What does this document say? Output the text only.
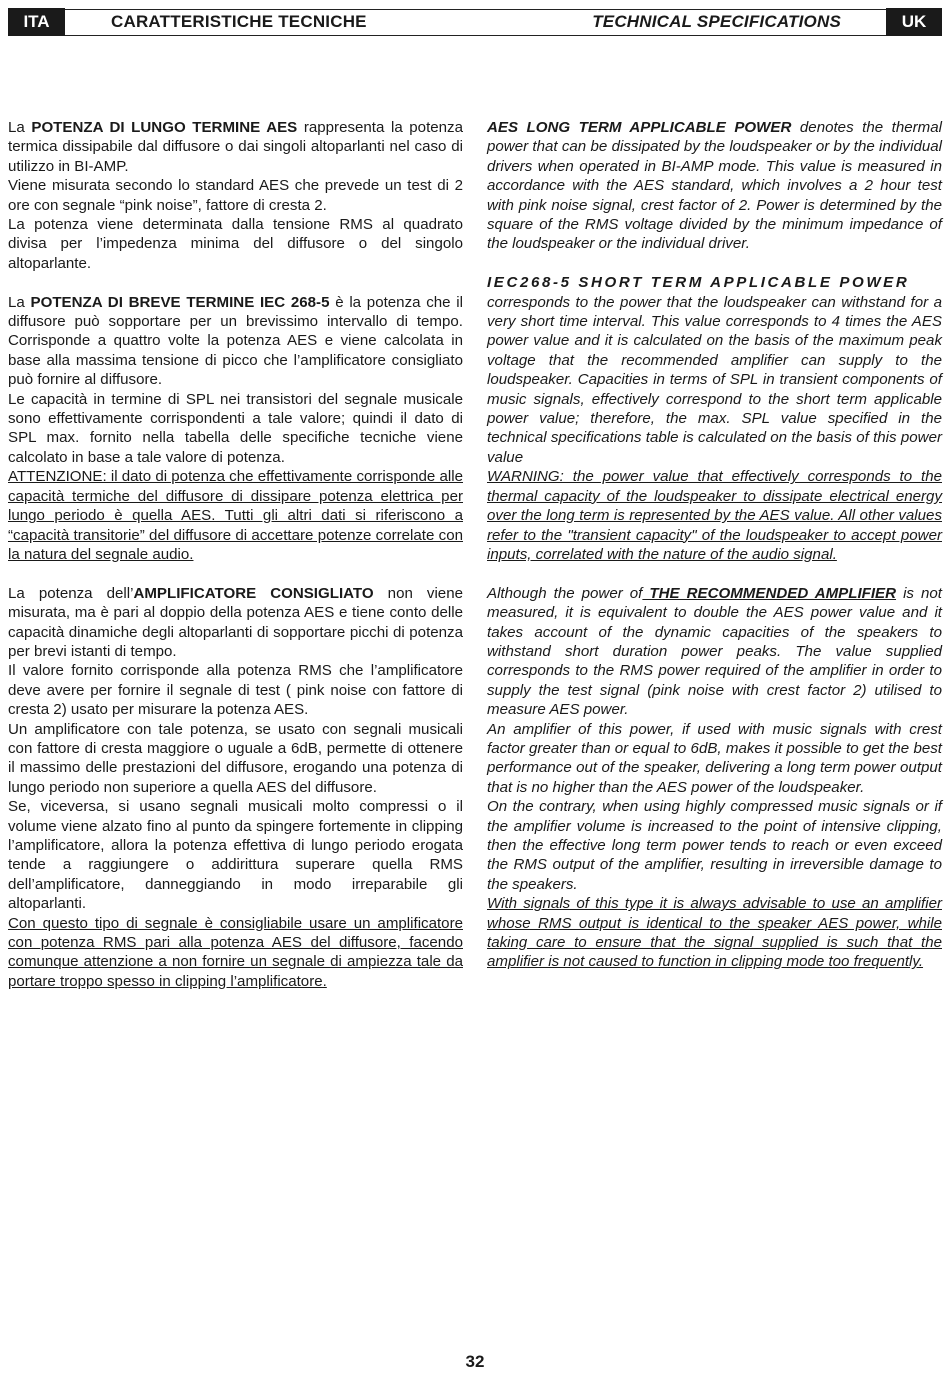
ITA	CARATTERISTICHE TECNICHE	TECHNICAL SPECIFICATIONS	UK

La POTENZA DI LUNGO TERMINE AES rappresenta la potenza termica dissipabile dal diffusore o dai singoli altoparlanti nel caso di utilizzo in BI-AMP.

Viene misurata secondo lo standard AES che prevede un test di 2 ore con segnale “pink noise”, fattore di cresta 2.

La potenza viene determinata dalla tensione RMS al quadrato divisa per l’impedenza minima del diffusore o del singolo altoparlante.

La POTENZA DI BREVE TERMINE IEC 268-5 è la potenza che il diffusore può sopportare per un brevissimo intervallo di tempo. Corrisponde a quattro volte la potenza AES e viene calcolata in base alla massima tensione di picco che l’amplificatore consigliato può fornire al diffusore.

Le capacità in termine di SPL nei transistori del segnale musicale sono effettivamente corrispondenti a tale valore; quindi il dato di SPL max. fornito nella tabella delle specifiche tecniche viene calcolato in base a tale valore di potenza.

ATTENZIONE: il dato di potenza che effettivamente corrisponde alle capacità termiche del diffusore di dissipare potenza elettrica per lungo periodo è quella AES. Tutti gli altri dati si riferiscono a “capacità transitorie” del diffusore di accettare potenze correlate con la natura del segnale audio.

La potenza dell’AMPLIFICATORE CONSIGLIATO non viene misurata, ma è pari al doppio della potenza AES e tiene conto delle capacità dinamiche degli altoparlanti di sopportare picchi di potenza per brevi istanti di tempo.

Il valore fornito corrisponde alla potenza RMS che l’amplificatore deve avere per fornire il segnale di test ( pink noise con fattore di cresta 2) usato per misurare la potenza AES.

Un amplificatore con tale potenza, se usato con segnali musicali con fattore di cresta maggiore o uguale a 6dB, permette di ottenere il massimo delle prestazioni del diffusore, erogando una potenza di lungo periodo non superiore a quella AES del diffusore.

Se, viceversa, si usano segnali musicali molto compressi o il volume viene alzato fino al punto da spingere fortemente in clipping l’amplificatore, allora la potenza effettiva di lungo periodo erogata tende a raggiungere o addirittura superare quella RMS dell’amplificatore, danneggiando in modo irreparabile gli altoparlanti.

Con questo tipo di segnale è consigliabile usare un amplificatore con potenza RMS pari alla potenza AES del diffusore, facendo comunque attenzione a non fornire un segnale di ampiezza tale da portare troppo spesso in clipping l’amplificatore.

AES LONG TERM APPLICABLE POWER denotes the thermal power that can be dissipated by the loudspeaker or by the individual drivers when operated in BI-AMP mode. This value is measured in accordance with the AES standard, which involves a 2 hour test with pink noise signal, crest factor of 2. Power is determined by the square of the RMS voltage divided by the minimum impedance of the loudspeaker or the individual driver.

IEC268-5 SHORT TERM APPLICABLE POWER

corresponds to the power that the loudspeaker can withstand for a very short time interval. This value corresponds to 4 times the AES power value and it is calculated on the basis of the maximum peak voltage that the recommended amplifier can supply to the loudspeaker. Capacities in terms of SPL in transient components of music signals, effectively correspond to the short term applicable power value; therefore, the max. SPL value specified in the technical specifications table is calculated on the basis of this power value

WARNING: the power value that effectively corresponds to the thermal capacity of the loudspeaker to dissipate electrical energy over the long term is represented by the AES value. All other values refer to the "transient capacity" of the loudspeaker to accept power inputs, correlated with the nature of the audio signal.

Although the power of THE RECOMMENDED AMPLIFIER is not measured, it is equivalent to double the AES power value and it takes account of the dynamic capacities of the speakers to withstand short duration power peaks. The value supplied corresponds to the RMS power required of the amplifier in order to supply the test signal (pink noise with crest factor 2) utilised to measure AES power.

An amplifier of this power, if used with music signals with crest factor greater than or equal to 6dB, makes it possible to get the best performance out of the speaker, delivering a long term power output that is no higher than the AES power of the loudspeaker.

On the contrary, when using highly compressed music signals or if the amplifier volume is increased to the point of intensive clipping, then the effective long term power tends to reach or even exceed the RMS output of the amplifier, resulting in irreversible damage to the speakers.

With signals of this type it is always advisable to use an amplifier whose RMS output is identical to the speaker AES power, while taking care to ensure that the signal supplied is such that the amplifier is not caused to function in clipping mode too frequently.

32
